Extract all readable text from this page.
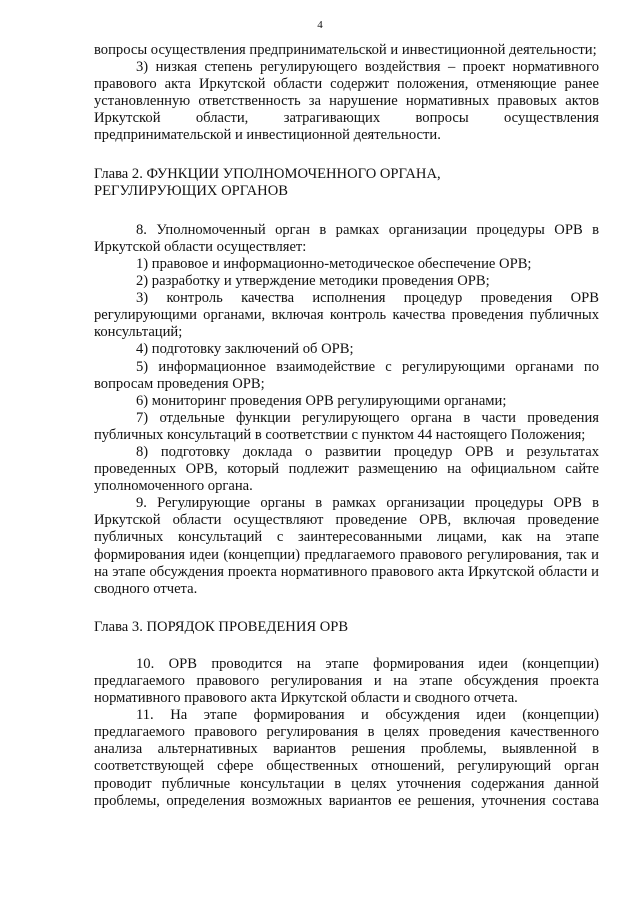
4

вопросы осуществления предпринимательской и инвестиционной деятельности;

3) низкая степень регулирующего воздействия – проект нормативного правового акта Иркутской области содержит положения, отменяющие ранее установленную ответственность за нарушение нормативных правовых актов Иркутской области, затрагивающих вопросы осуществления предпринимательской и инвестиционной деятельности.

Глава 2. ФУНКЦИИ УПОЛНОМОЧЕННОГО ОРГАНА,

РЕГУЛИРУЮЩИХ ОРГАНОВ

8. Уполномоченный орган в рамках организации процедуры ОРВ в Иркутской области осуществляет:

1) правовое и информационно-методическое обеспечение ОРВ;

2) разработку и утверждение методики проведения ОРВ;

3) контроль качества исполнения процедур проведения ОРВ регулирующими органами, включая контроль качества проведения публичных консультаций;

4) подготовку заключений об ОРВ;

5) информационное взаимодействие с регулирующими органами по вопросам проведения ОРВ;

6) мониторинг проведения ОРВ регулирующими органами;

7) отдельные функции регулирующего органа в части проведения публичных консультаций в соответствии с пунктом 44 настоящего Положения;

8) подготовку доклада о развитии процедур ОРВ и результатах проведенных ОРВ, который подлежит размещению на официальном сайте уполномоченного органа.

9. Регулирующие органы в рамках организации процедуры ОРВ в Иркутской области осуществляют проведение ОРВ, включая проведение публичных консультаций с заинтересованными лицами, как на этапе формирования идеи (концепции) предлагаемого правового регулирования, так и на этапе обсуждения проекта нормативного правового акта Иркутской области и сводного отчета.

Глава 3. ПОРЯДОК ПРОВЕДЕНИЯ ОРВ

10. ОРВ проводится на этапе формирования идеи (концепции) предлагаемого правового регулирования и на этапе обсуждения проекта нормативного правового акта Иркутской области и сводного отчета.

11. На этапе формирования и обсуждения идеи (концепции) предлагаемого правового регулирования в целях проведения качественного анализа альтернативных вариантов решения проблемы, выявленной в соответствующей сфере общественных отношений, регулирующий орган проводит публичные консультации в целях уточнения содержания данной проблемы, определения возможных вариантов ее решения, уточнения состава
